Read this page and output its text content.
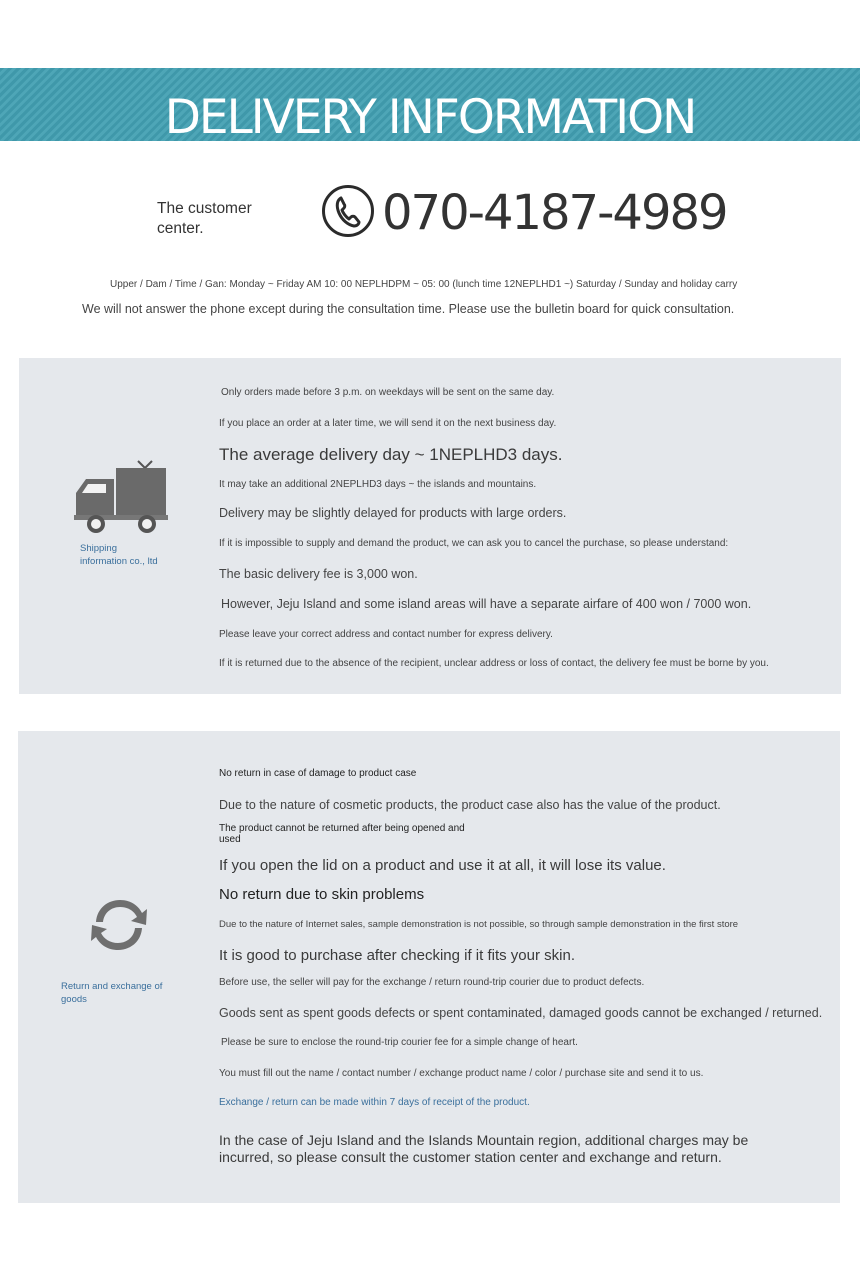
DELIVERY INFORMATION
The customer center.	070-4187-4989
Upper / Dam / Time / Gan: Monday ~ Friday AM 10: 00 NEPLHDPM ~ 05: 00 (lunch time 12NEPLHD1 ~) Saturday / Sunday and holiday carry
We will not answer the phone except during the consultation time. Please use the bulletin board for quick consultation.
Shipping information co., ltd
Only orders made before 3 p.m. on weekdays will be sent on the same day.
If you place an order at a later time, we will send it on the next business day.
The average delivery day ~ 1NEPLHD3 days.
It may take an additional 2NEPLHD3 days ~ the islands and mountains.
Delivery may be slightly delayed for products with large orders.
If it is impossible to supply and demand the product, we can ask you to cancel the purchase, so please understand:
The basic delivery fee is 3,000 won.
However, Jeju Island and some island areas will have a separate airfare of 400 won / 7000 won.
Please leave your correct address and contact number for express delivery.
If it is returned due to the absence of the recipient, unclear address or loss of contact, the delivery fee must be borne by you.
Return and exchange of goods
No return in case of damage to product case
Due to the nature of cosmetic products, the product case also has the value of the product.
The product cannot be returned after being opened and used
If you open the lid on a product and use it at all, it will lose its value.
No return due to skin problems
Due to the nature of Internet sales, sample demonstration is not possible, so through sample demonstration in the first store
It is good to purchase after checking if it fits your skin.
Before use, the seller will pay for the exchange / return round-trip courier due to product defects.
Goods sent as spent goods defects or spent contaminated, damaged goods cannot be exchanged / returned.
Please be sure to enclose the round-trip courier fee for a simple change of heart.
You must fill out the name / contact number / exchange product name / color / purchase site and send it to us.
Exchange / return can be made within 7 days of receipt of the product.
In the case of Jeju Island and the Islands Mountain region, additional charges may be incurred, so please consult the customer station center and exchange and return.
